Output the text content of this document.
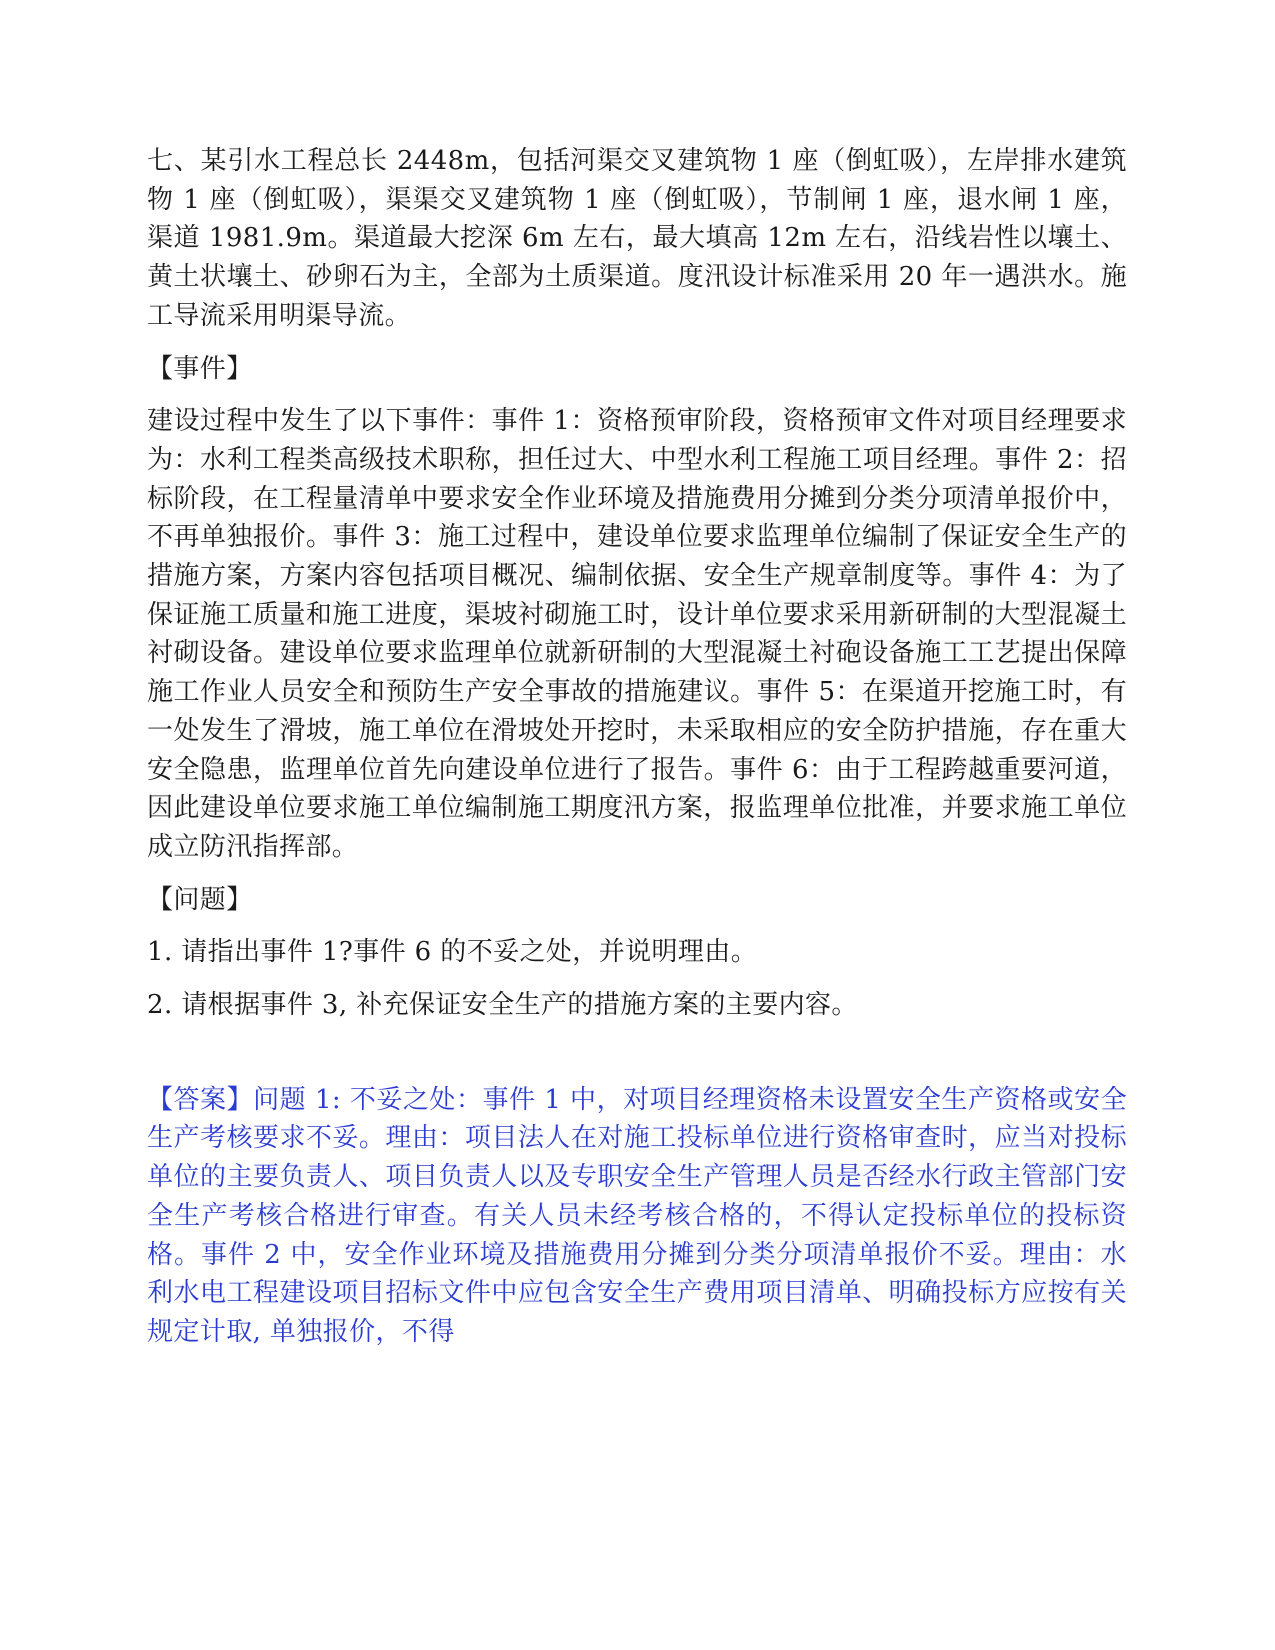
七、某引水工程总长 2448m，包括河渠交叉建筑物 1 座（倒虹吸），左岸排水建筑物 1 座（倒虹吸），渠渠交叉建筑物 1 座（倒虹吸），节制闸 1 座，退水闸 1 座，渠道 1981.9m。渠道最大挖深 6m 左右，最大填高 12m 左右，沿线岩性以壤土、黄土状壤土、砂卵石为主，全部为土质渠道。度汛设计标准采用 20 年一遇洪水。施工导流采用明渠导流。

【事件】

建设过程中发生了以下事件：事件 1：资格预审阶段，资格预审文件对项目经理要求为：水利工程类高级技术职称，担任过大、中型水利工程施工项目经理。事件 2：招标阶段，在工程量清单中要求安全作业环境及措施费用分摊到分类分项清单报价中，不再单独报价。事件 3：施工过程中，建设单位要求监理单位编制了保证安全生产的措施方案，方案内容包括项目概况、编制依据、安全生产规章制度等。事件 4：为了保证施工质量和施工进度，渠坡衬砌施工时，设计单位要求采用新研制的大型混凝土衬砌设备。建设单位要求监理单位就新研制的大型混凝土衬砲设备施工工艺提出保障施工作业人员安全和预防生产安全事故的措施建议。事件 5：在渠道开挖施工时，有一处发生了滑坡，施工单位在滑坡处开挖时，未采取相应的安全防护措施，存在重大安全隐患，监理单位首先向建设单位进行了报告。事件 6：由于工程跨越重要河道，因此建设单位要求施工单位编制施工期度汛方案，报监理单位批准，并要求施工单位成立防汛指挥部。

【问题】

1. 请指出事件 1?事件 6 的不妥之处，并说明理由。

2. 请根据事件 3, 补充保证安全生产的措施方案的主要内容。

【答案】问题 1: 不妥之处：事件 1 中，对项目经理资格未设置安全生产资格或安全生产考核要求不妥。理由：项目法人在对施工投标单位进行资格审查时，应当对投标单位的主要负责人、项目负责人以及专职安全生产管理人员是否经水行政主管部门安全生产考核合格进行审查。有关人员未经考核合格的，不得认定投标单位的投标资格。事件 2 中，安全作业环境及措施费用分摊到分类分项清单报价不妥。理由：水利水电工程建设项目招标文件中应包含安全生产费用项目清单、明确投标方应按有关规定计取, 单独报价，不得
